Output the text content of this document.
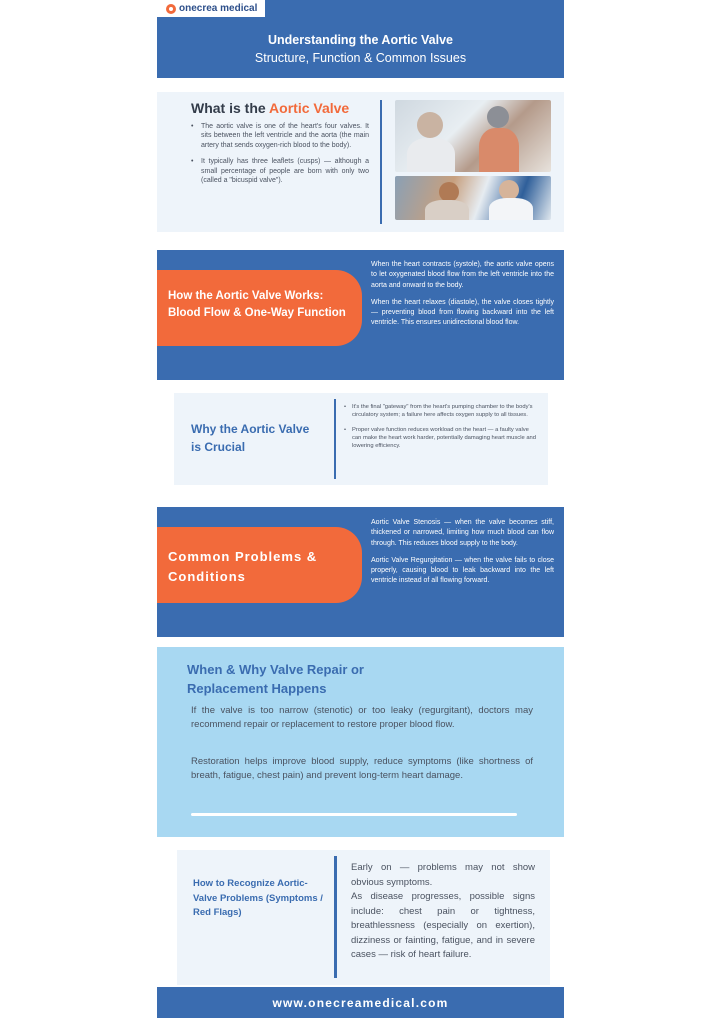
onecrea medical
Understanding the Aortic Valve
Structure, Function & Common Issues
What is the Aortic Valve
• The aortic valve is one of the heart's four valves. It sits between the left ventricle and the aorta (the main artery that sends oxygen-rich blood to the body).
• It typically has three leaflets (cusps) — although a small percentage of people are born with only two (called a "bicuspid valve").
How the Aortic Valve Works: Blood Flow & One-Way Function

When the heart contracts (systole), the aortic valve opens to let oxygenated blood flow from the left ventricle into the aorta and onward to the body.

When the heart relaxes (diastole), the valve closes tightly — preventing blood from flowing backward into the left ventricle. This ensures unidirectional blood flow.

Why the Aortic Valve is Crucial
• It's the final "gateway" from the heart's pumping chamber to the body's circulatory system; a failure here affects oxygen supply to all tissues.
• Proper valve function reduces workload on the heart — a faulty valve can make the heart work harder, potentially damaging heart muscle and lowering efficiency.
Common Problems & Conditions

Aortic Valve Stenosis — when the valve becomes stiff, thickened or narrowed, limiting how much blood can flow through. This reduces blood supply to the body.

Aortic Valve Regurgitation — when the valve fails to close properly, causing blood to leak backward into the left ventricle instead of all flowing forward.

When & Why Valve Repair or Replacement Happens
If the valve is too narrow (stenotic) or too leaky (regurgitant), doctors may recommend repair or replacement to restore proper blood flow.
Restoration helps improve blood supply, reduce symptoms (like shortness of breath, fatigue, chest pain) and prevent long-term heart damage.
How to Recognize Aortic-Valve Problems (Symptoms / Red Flags)
Early on — problems may not show obvious symptoms.
As disease progresses, possible signs include: chest pain or tightness, breathlessness (especially on exertion), dizziness or fainting, fatigue, and in severe cases — risk of heart failure.
www.onecreamedical.com
